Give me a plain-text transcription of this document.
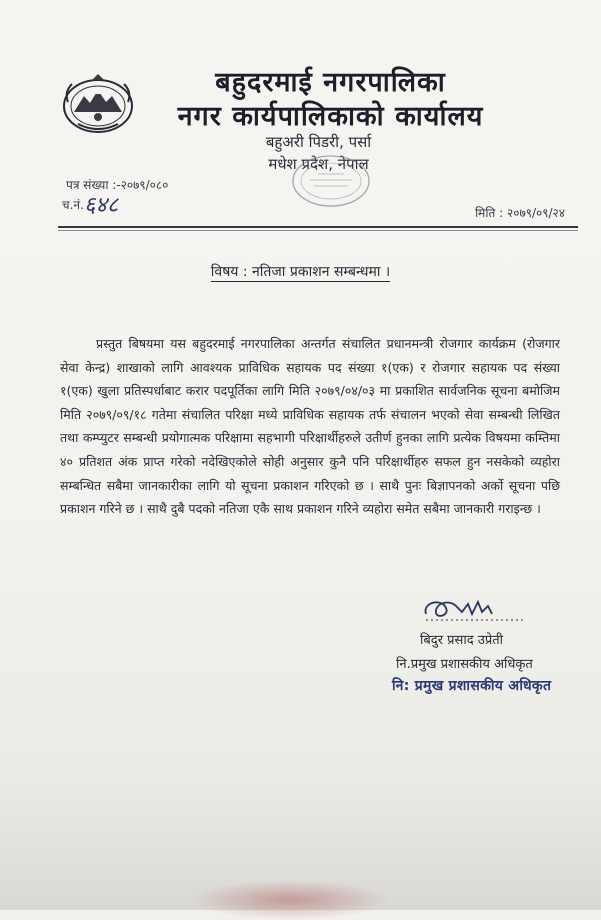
बहुदरमाई नगरपालिका
नगर कार्यपालिकाको कार्यालय
बहुअरी पिडरी, पर्सा
मधेश प्रदेश, नेपाल
पत्र संख्या :-२०७९/०८०
च.नं. ६४८	मिति : २०७९/०९/२४
विषय : नतिजा प्रकाशन सम्बन्धमा ।

प्रस्तुत बिषयमा यस बहुदरमाई नगरपालिका अन्तर्गत संचालित प्रधानमन्त्री रोजगार कार्यक्रम (रोजगार सेवा केन्द्र) शाखाको लागि आवश्यक प्राविधिक सहायक पद संख्या १(एक) र रोजगार सहायक पद संख्या १(एक) खुला प्रतिस्पर्धाबाट करार पदपूर्तिका लागि मिति २०७९/०४/०३ मा प्रकाशित सार्वजनिक सूचना बमोजिम मिति २०७९/०९/१८ गतेमा संचालित परिक्षा मध्ये प्राविधिक सहायक तर्फ संचालन भएको सेवा सम्बन्धी लिखित तथा कम्प्युटर सम्बन्धी प्रयोगात्मक परिक्षामा सहभागी परिक्षार्थीहरुले उतीर्ण हुनका लागि प्रत्येक विषयमा कम्तिमा ४० प्रतिशत अंक प्राप्त गरेको नदेखिएकोले सोही अनुसार कुनै पनि परिक्षार्थीहरु सफल हुन नसकेको व्यहोरा सम्बन्धित सबैमा जानकारीका लागि यो सूचना प्रकाशन गरिएको छ । साथै पुनः बिज्ञापनको अर्को सूचना पछि प्रकाशन गरिने छ । साथै दुबै पदको नतिजा एकै साथ प्रकाशन गरिने व्यहोरा समेत सबैमा जानकारी गराइन्छ ।

बिदुर प्रसाद उप्रेती
नि.प्रमुख प्रशासकीय अधिकृत
नि: प्रमुख प्रशासकीय अधिकृत
